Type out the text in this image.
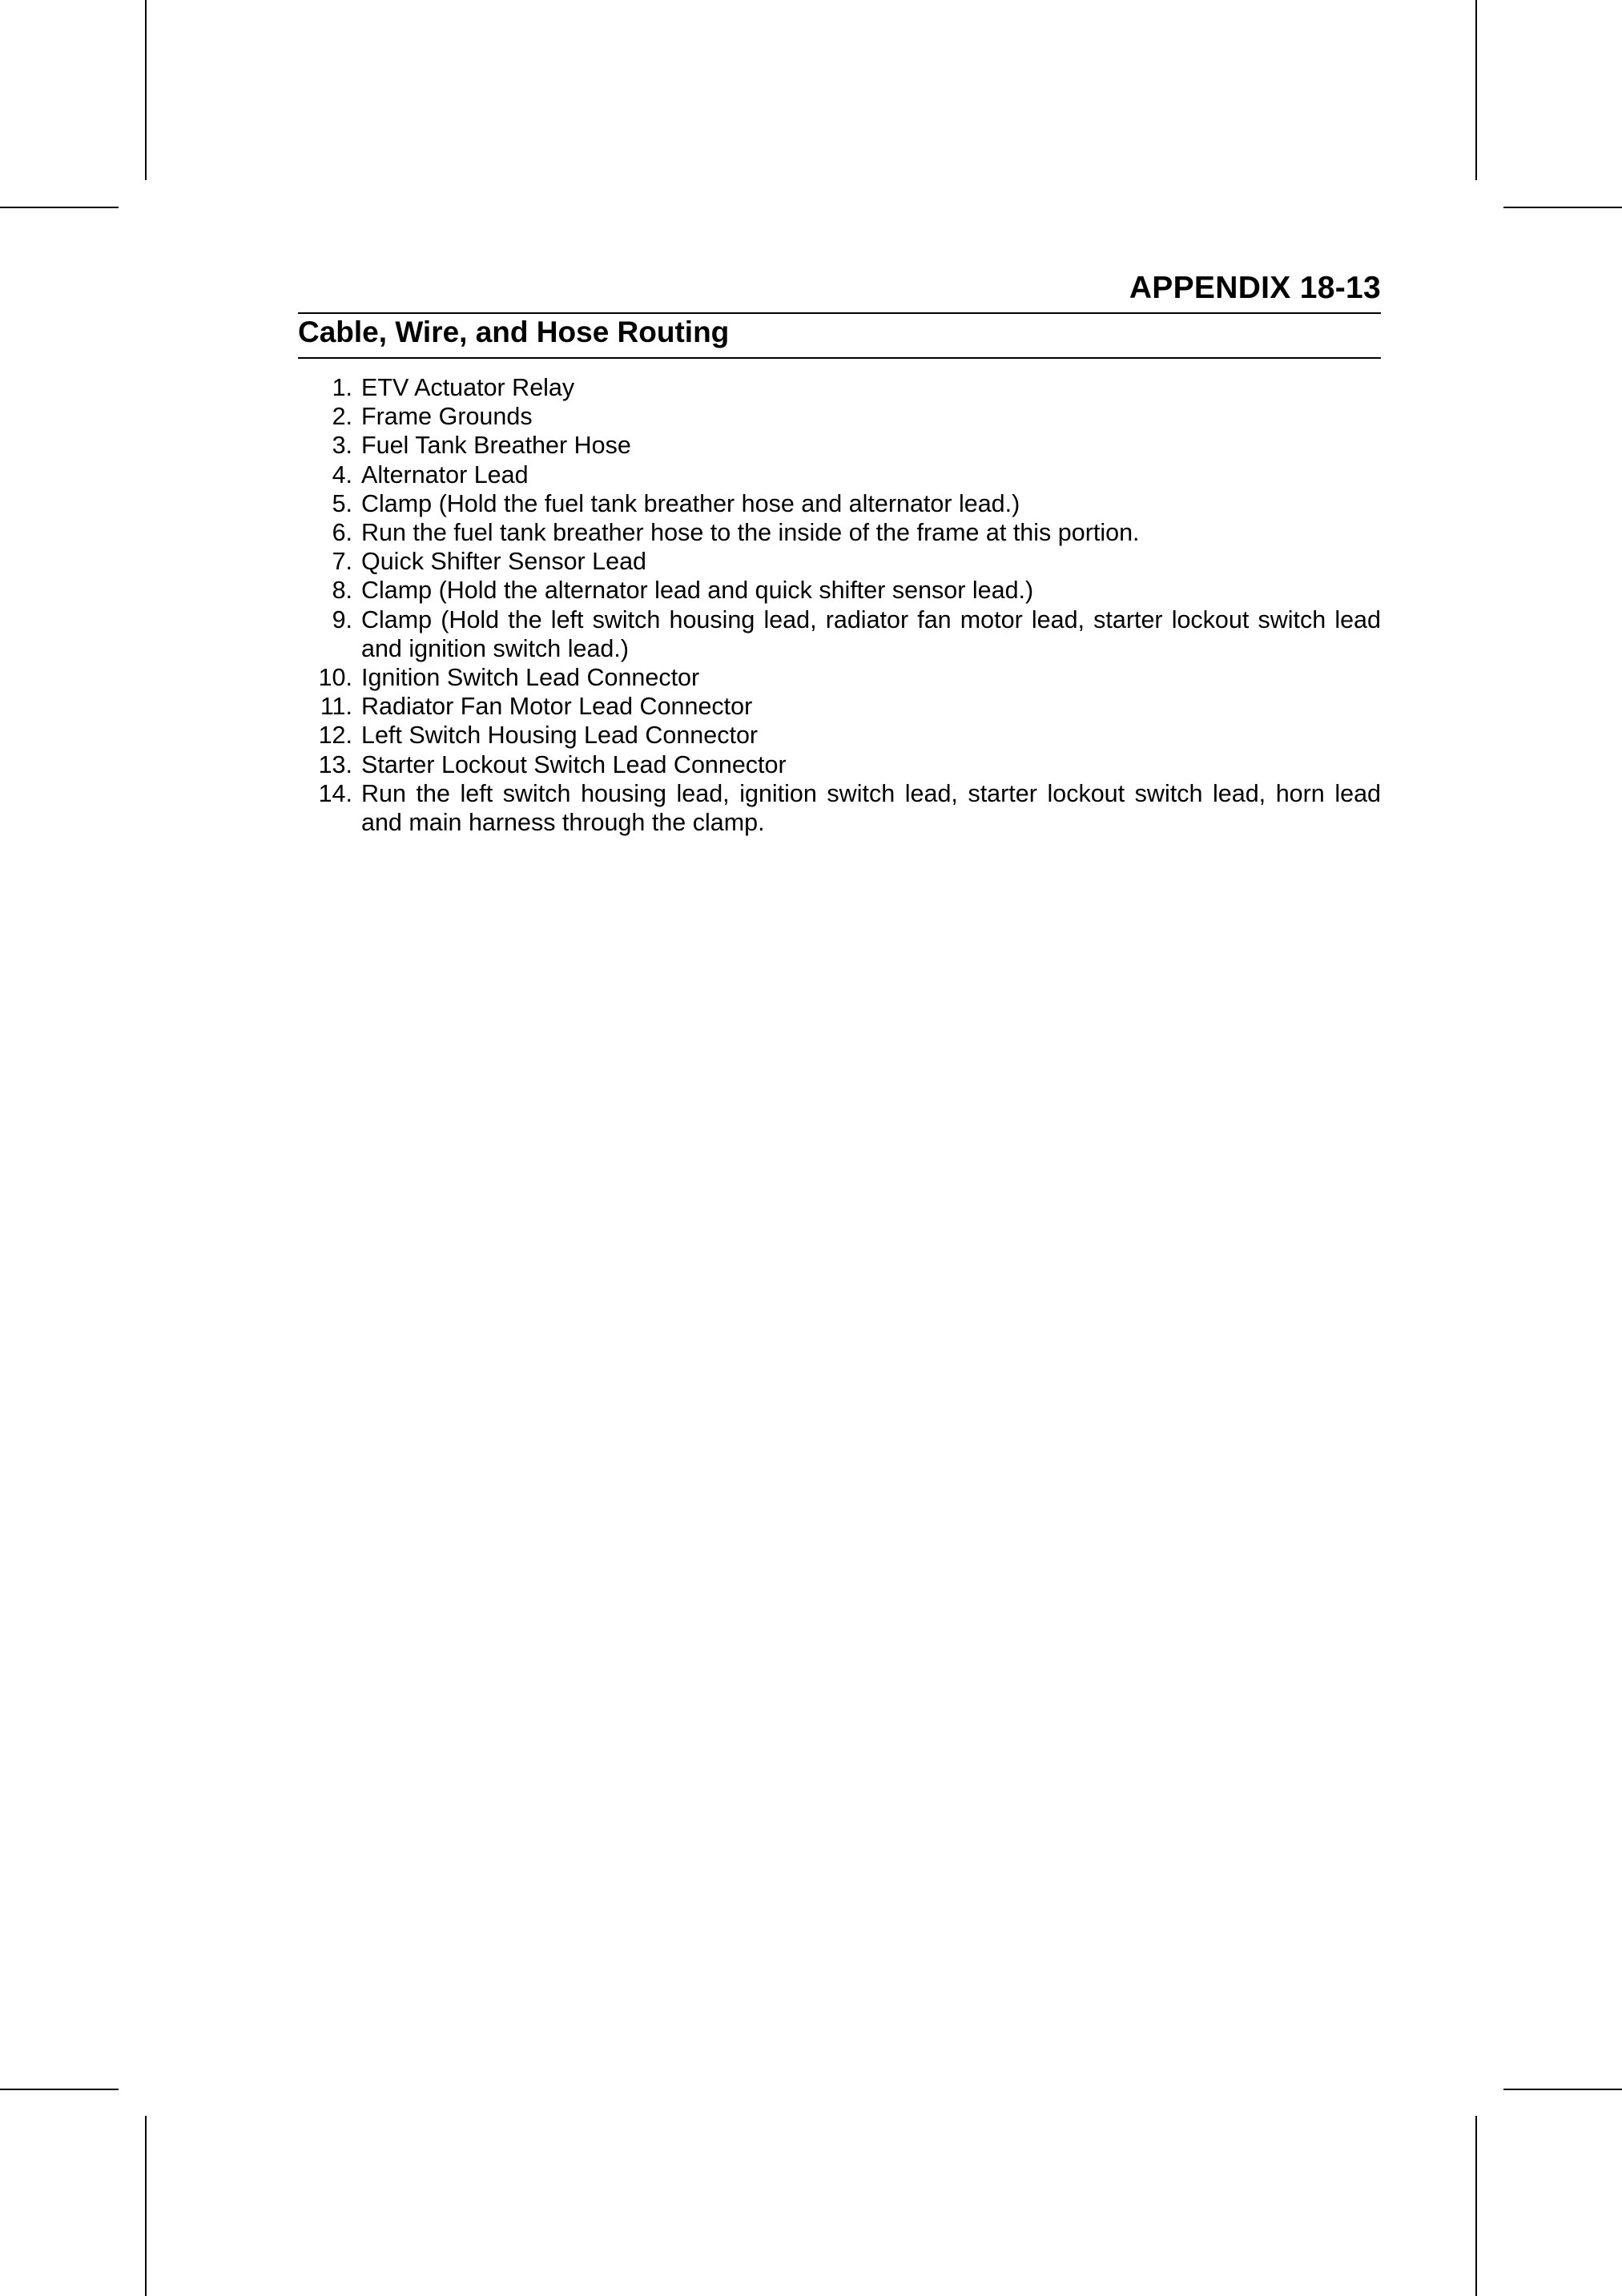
APPENDIX 18-13
Cable, Wire, and Hose Routing
1. ETV Actuator Relay
2. Frame Grounds
3. Fuel Tank Breather Hose
4. Alternator Lead
5. Clamp (Hold the fuel tank breather hose and alternator lead.)
6. Run the fuel tank breather hose to the inside of the frame at this portion.
7. Quick Shifter Sensor Lead
8. Clamp (Hold the alternator lead and quick shifter sensor lead.)
9. Clamp (Hold the left switch housing lead, radiator fan motor lead, starter lockout switch lead and ignition switch lead.)
10. Ignition Switch Lead Connector
11. Radiator Fan Motor Lead Connector
12. Left Switch Housing Lead Connector
13. Starter Lockout Switch Lead Connector
14. Run the left switch housing lead, ignition switch lead, starter lockout switch lead, horn lead and main harness through the clamp.
